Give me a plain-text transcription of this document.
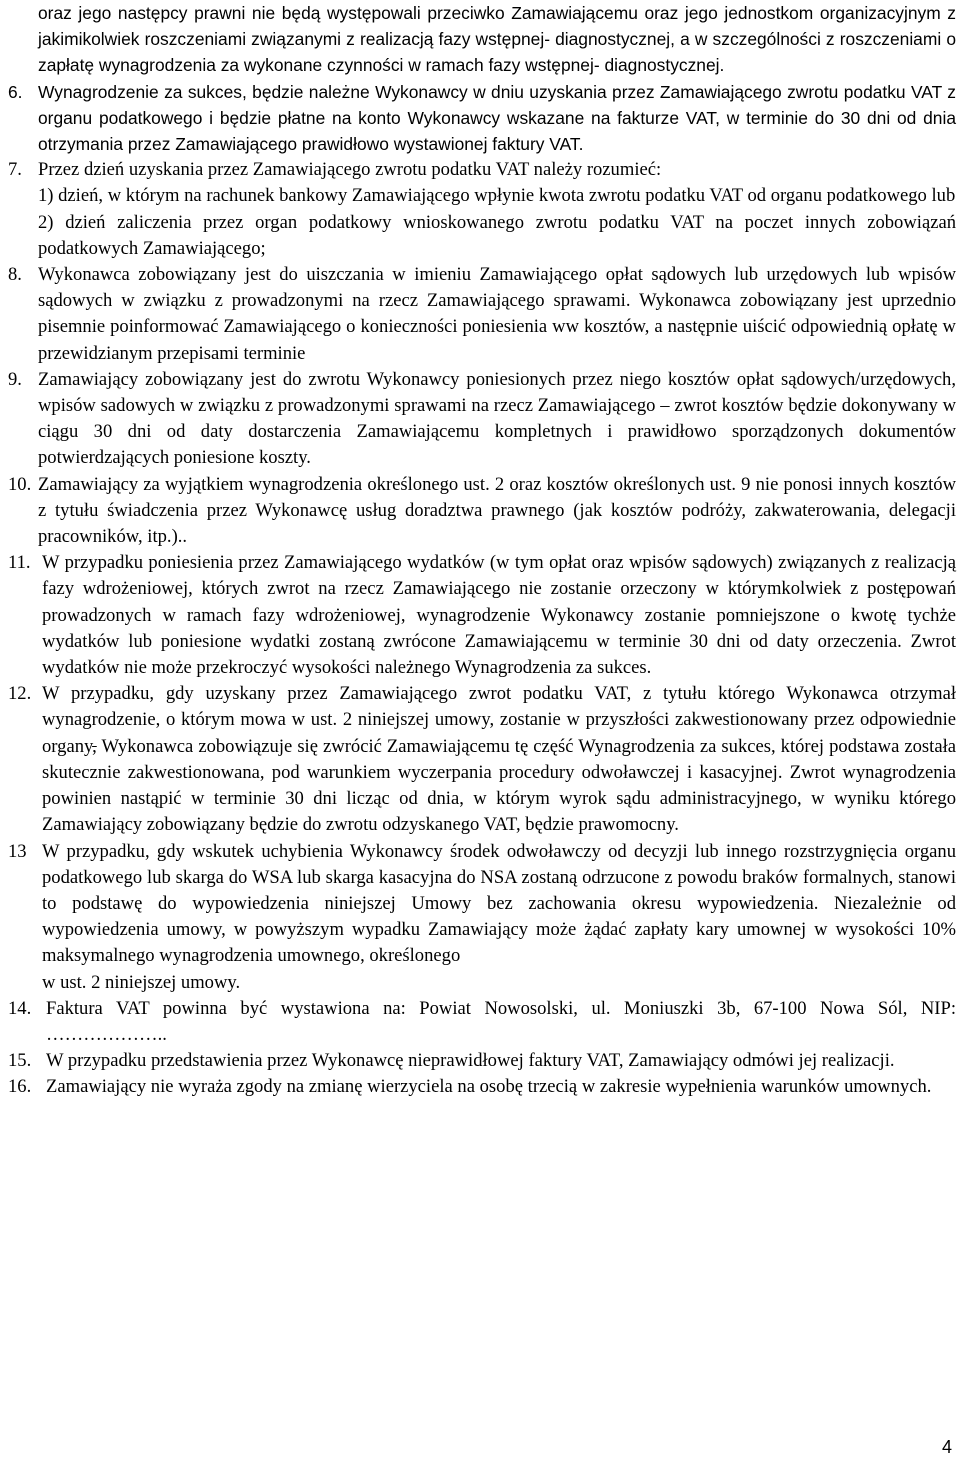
oraz jego następcy prawni nie będą występowali przeciwko Zamawiającemu oraz jego jednostkom organizacyjnym z jakimikolwiek roszczeniami związanymi z realizacją fazy wstępnej- diagnostycznej, a w szczególności z roszczeniami o zapłatę wynagrodzenia za wykonane czynności w ramach fazy wstępnej- diagnostycznej.
6. Wynagrodzenie za sukces, będzie należne Wykonawcy w dniu uzyskania przez Zamawiającego zwrotu podatku VAT z organu podatkowego i będzie płatne na konto Wykonawcy wskazane na fakturze VAT, w terminie do 30 dni od dnia otrzymania przez Zamawiającego prawidłowo wystawionej faktury VAT.
7. Przez dzień uzyskania przez Zamawiającego zwrotu podatku VAT należy rozumieć:
1) dzień, w którym na rachunek bankowy Zamawiającego wpłynie kwota zwrotu podatku VAT od organu podatkowego lub
2) dzień zaliczenia przez organ podatkowy wnioskowanego zwrotu podatku VAT na poczet innych zobowiązań podatkowych Zamawiającego;
8. Wykonawca zobowiązany jest do uiszczania w imieniu Zamawiającego opłat sądowych lub urzędowych lub wpisów sądowych w związku z prowadzonymi na rzecz Zamawiającego sprawami. Wykonawca zobowiązany jest uprzednio pisemnie poinformować Zamawiającego o konieczności poniesienia ww kosztów, a następnie uiścić odpowiednią opłatę w przewidzianym przepisami terminie
9. Zamawiający zobowiązany jest do zwrotu Wykonawcy poniesionych przez niego kosztów opłat sądowych/urzędowych, wpisów sadowych w związku z prowadzonymi sprawami na rzecz Zamawiającego – zwrot kosztów będzie dokonywany w ciągu 30 dni od daty dostarczenia Zamawiającemu kompletnych i prawidłowo sporządzonych dokumentów potwierdzających poniesione koszty.
10. Zamawiający za wyjątkiem wynagrodzenia określonego ust. 2 oraz kosztów określonych ust. 9 nie ponosi innych kosztów z tytułu świadczenia przez Wykonawcę usług doradztwa prawnego (jak kosztów podróży, zakwaterowania, delegacji pracowników, itp.)..
11. W przypadku poniesienia przez Zamawiającego wydatków (w tym opłat oraz wpisów sądowych) związanych z realizacją fazy wdrożeniowej, których zwrot na rzecz Zamawiającego nie zostanie orzeczony w którymkolwiek z postępowań prowadzonych w ramach fazy wdrożeniowej, wynagrodzenie Wykonawcy zostanie pomniejszone o kwotę tychże wydatków lub poniesione wydatki zostaną zwrócone Zamawiającemu w terminie 30 dni od daty orzeczenia. Zwrot wydatków nie może przekroczyć wysokości należnego Wynagrodzenia za sukces.
12. W przypadku, gdy uzyskany przez Zamawiającego zwrot podatku VAT, z tytułu którego Wykonawca otrzymał wynagrodzenie, o którym mowa w ust. 2 niniejszej umowy, zostanie w przyszłości zakwestionowany przez odpowiednie organy, Wykonawca zobowiązuje się zwrócić Zamawiającemu tę część Wynagrodzenia za sukces, której podstawa została skutecznie zakwestionowana, pod warunkiem wyczerpania procedury odwoławczej i kasacyjnej. Zwrot wynagrodzenia powinien nastąpić w terminie 30 dni licząc od dnia, w którym wyrok sądu administracyjnego, w wyniku którego Zamawiający zobowiązany będzie do zwrotu odzyskanego VAT, będzie prawomocny.
13 W przypadku, gdy wskutek uchybienia Wykonawcy środek odwoławczy od decyzji lub innego rozstrzygnięcia organu podatkowego lub skarga do WSA lub skarga kasacyjna do NSA zostaną odrzucone z powodu braków formalnych, stanowi to podstawę do wypowiedzenia niniejszej Umowy bez zachowania okresu wypowiedzenia. Niezależnie od wypowiedzenia umowy, w powyższym wypadku Zamawiający może żądać zapłaty kary umownej w wysokości 10% maksymalnego wynagrodzenia umownego, określonego
w ust. 2 niniejszej umowy.
14. Faktura VAT powinna być wystawiona na: Powiat Nowosolski, ul. Moniuszki 3b, 67-100 Nowa Sól, NIP: ………………..
15. W przypadku przedstawienia przez Wykonawcę nieprawidłowej faktury VAT, Zamawiający odmówi jej realizacji.
16. Zamawiający nie wyraża zgody na zmianę wierzyciela na osobę trzecią w zakresie wypełnienia warunków umownych.
4
